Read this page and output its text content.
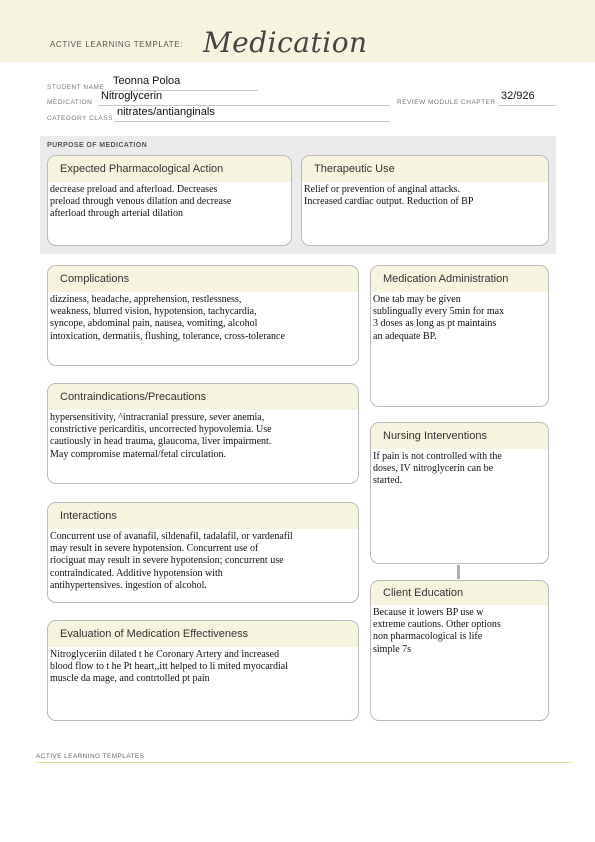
ACTIVE LEARNING TEMPLATE: Medication
STUDENT NAME
Teonna Poloa
MEDICATION
Nitroglycerin
REVIEW MODULE CHAPTER
32/926
CATEGORY CLASS
nitrates/antianginals
PURPOSE OF MEDICATION
Expected Pharmacological Action
decrease preload and afterload. Decreases
preload through venous dilation and decrease
afterload through arterial dilation
Therapeutic Use
Relief or prevention of anginal attacks.
Increased cardiac output. Reduction of BP
Complications
dizziness, headache, apprehension, restlessness,
weakness, blurred vision, hypotension, tachycardia,
syncope, abdominal pain, nausea, vomiting, alcohol
intoxication, dermatiis, flushing, tolerance, cross-tolerance
Contraindications/Precautions
hypersensitivity, ^intracranial pressure, sever anemia,
constrictive pericarditis, uncorrected hypovolemia. Use
cautiously in head trauma, glaucoma, liver impairment.
May compromise maternal/fetal circulation.
Interactions
Concurrent use of avanafil, sildenafil, tadalafil, or vardenafil
may result in severe hypotension. Concurrent use of
riociguat may result in severe hypotension; concurrent use
contraindicated. Additive hypotension with
antihypertensives. ingestion of alcohol.
Evaluation of Medication Effectiveness
Nitroglyceriin dilated t he Coronary Artery and increased
blood flow to t he Pt heart,,itt helped to li mited myocardial
muscle da mage, and contrtolled pt pain
Medication Administration
One tab may be given
sublingually every 5min for max
3 doses as long as pt maintains
an adequate BP.
Nursing Interventions
If pain is not controlled with the
doses, IV nitroglycerin can be
started.
Client Education
Because it lowers BP use w
extreme cautions. Other options
non pharmacological is life
simple 7s
ACTIVE LEARNING TEMPLATES
